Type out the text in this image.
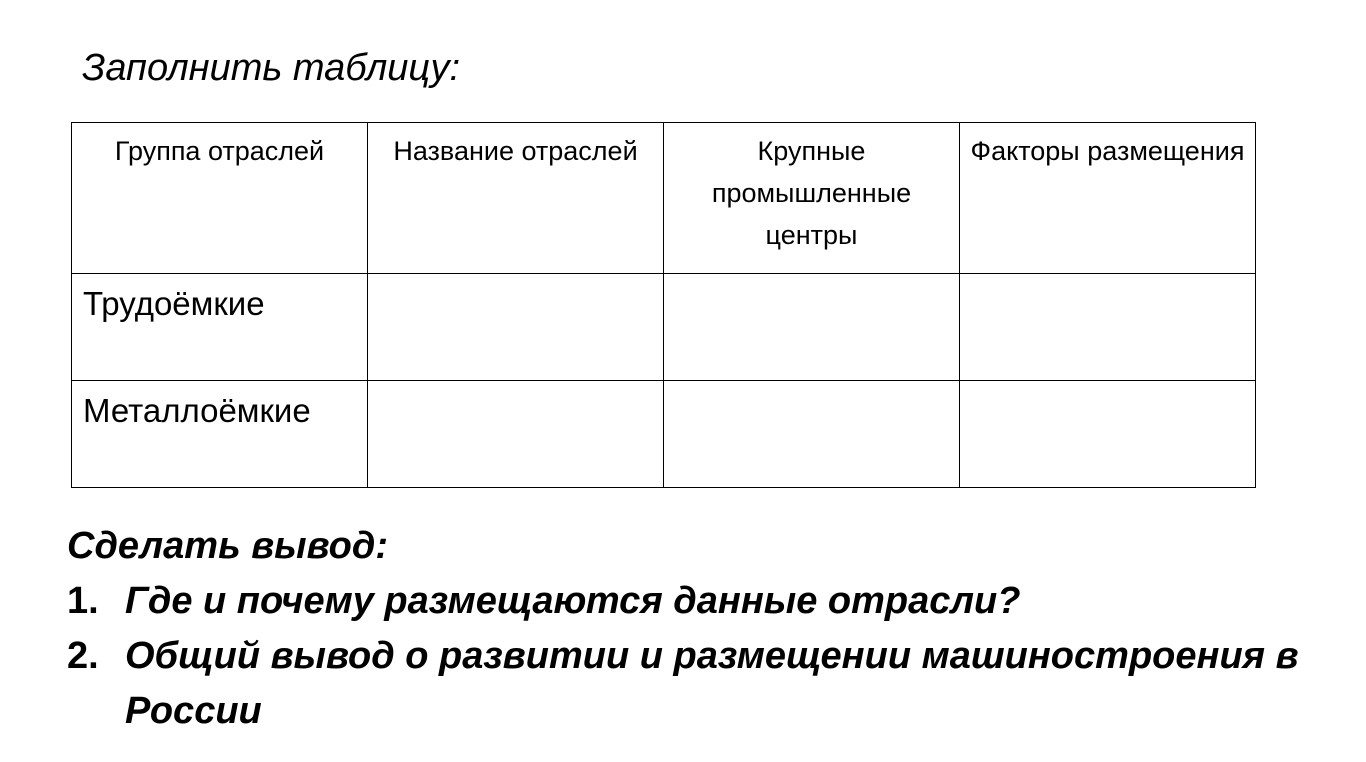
Заполнить таблицу:
Группа отраслей	Название отраслей	Крупные промышленные центры	Факторы размещения
Трудоёмкие			
Металлоёмкие			
Сделать вывод:
1. Где и почему размещаются данные отрасли?
2. Общий вывод о развитии и размещении машиностроения в России
